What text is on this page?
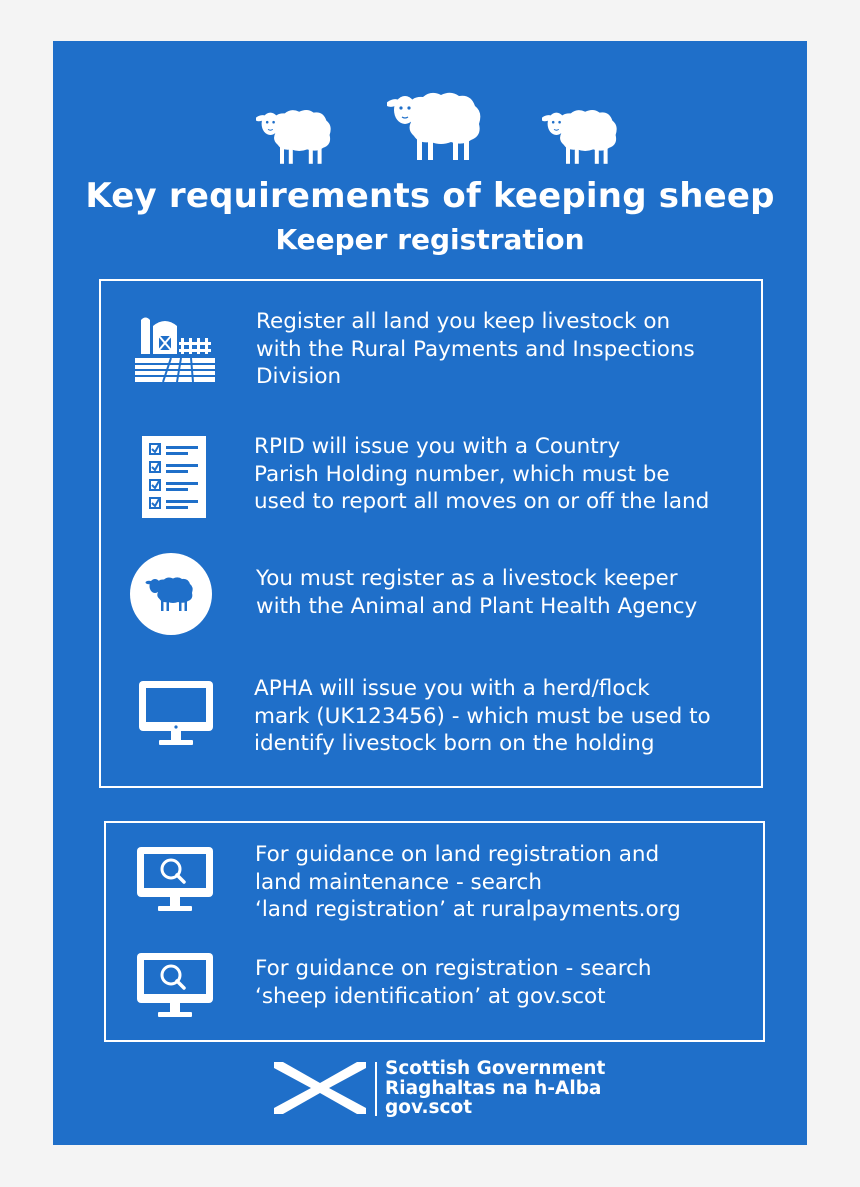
Key requirements of keeping sheep
Keeper registration
Register all land you keep livestock on
with the Rural Payments and Inspections
Division
RPID will issue you with a Country
Parish Holding number, which must be
used to report all moves on or off the land
You must register as a livestock keeper
with the Animal and Plant Health Agency
APHA will issue you with a herd/flock
mark (UK123456) - which must be used to
identify livestock born on the holding
For guidance on land registration and
land maintenance - search
‘land registration’ at ruralpayments.org
For guidance on registration - search
‘sheep identification’ at gov.scot
Scottish Government
Riaghaltas na h-Alba
gov.scot
